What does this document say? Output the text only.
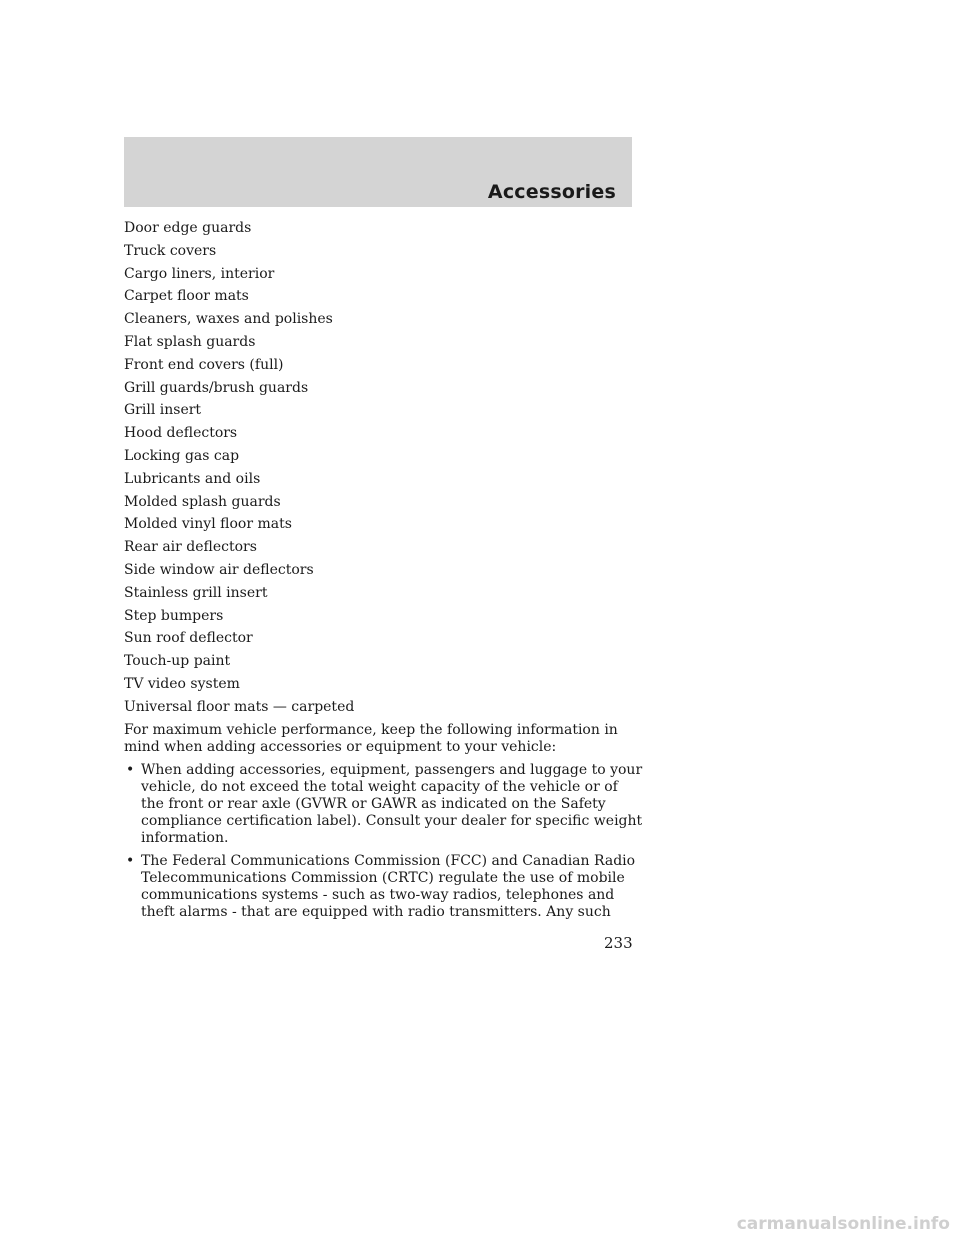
Accessories
Door edge guards
Truck covers
Cargo liners, interior
Carpet floor mats
Cleaners, waxes and polishes
Flat splash guards
Front end covers (full)
Grill guards/brush guards
Grill insert
Hood deflectors
Locking gas cap
Lubricants and oils
Molded splash guards
Molded vinyl floor mats
Rear air deflectors
Side window air deflectors
Stainless grill insert
Step bumpers
Sun roof deflector
Touch-up paint
TV video system
Universal floor mats — carpeted
For maximum vehicle performance, keep the following information in mind when adding accessories or equipment to your vehicle:
• When adding accessories, equipment, passengers and luggage to your vehicle, do not exceed the total weight capacity of the vehicle or of the front or rear axle (GVWR or GAWR as indicated on the Safety compliance certification label). Consult your dealer for specific weight information.
• The Federal Communications Commission (FCC) and Canadian Radio Telecommunications Commission (CRTC) regulate the use of mobile communications systems - such as two-way radios, telephones and theft alarms - that are equipped with radio transmitters. Any such
233
carmanualsonline.info
